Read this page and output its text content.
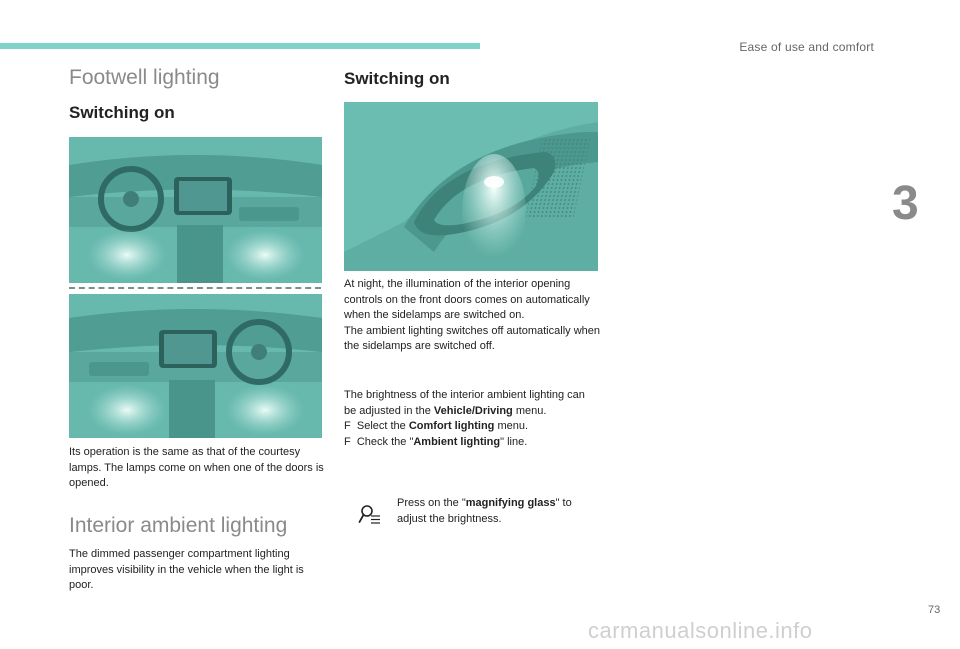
Ease of use and comfort
3
Footwell lighting
Switching on
Its operation is the same as that of the courtesy lamps. The lamps come on when one of the doors is opened.
Interior ambient lighting
The dimmed passenger compartment lighting improves visibility in the vehicle when the light is poor.
Switching on
At night, the illumination of the interior opening controls on the front doors comes on automatically when the sidelamps are switched on.
The ambient lighting switches off automatically when the sidelamps are switched off.
The brightness of the interior ambient lighting can be adjusted in the Vehicle/Driving menu.
F Select the Comfort lighting menu.
F Check the "Ambient lighting" line.
Press on the "magnifying glass" to adjust the brightness.
73
carmanualsonline.info
